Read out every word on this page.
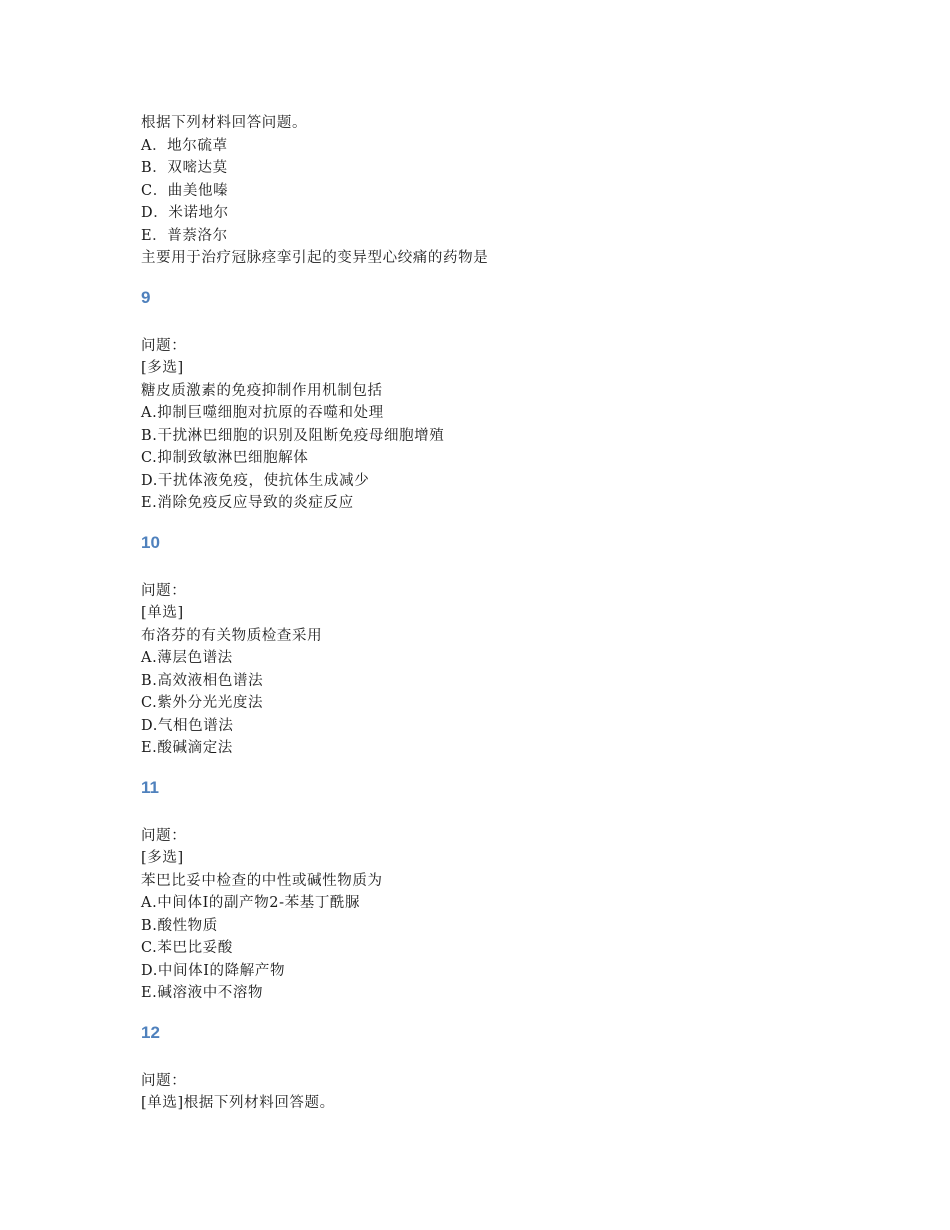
根据下列材料回答问题。
A．地尔硫䓬
B．双嘧达莫
C．曲美他嗪
D．米诺地尔
E．普萘洛尔
主要用于治疗冠脉痉挛引起的变异型心绞痛的药物是
9
问题：
[多选]
糖皮质激素的免疫抑制作用机制包括
A.抑制巨噬细胞对抗原的吞噬和处理
B.干扰淋巴细胞的识别及阻断免疫母细胞增殖
C.抑制致敏淋巴细胞解体
D.干扰体液免疫，使抗体生成减少
E.消除免疫反应导致的炎症反应
10
问题：
[单选]
布洛芬的有关物质检查采用
A.薄层色谱法
B.高效液相色谱法
C.紫外分光光度法
D.气相色谱法
E.酸碱滴定法
11
问题：
[多选]
苯巴比妥中检查的中性或碱性物质为
A.中间体Ⅰ的副产物2-苯基丁酰脲
B.酸性物质
C.苯巴比妥酸
D.中间体Ⅰ的降解产物
E.碱溶液中不溶物
12
问题：
[单选]根据下列材料回答题。
